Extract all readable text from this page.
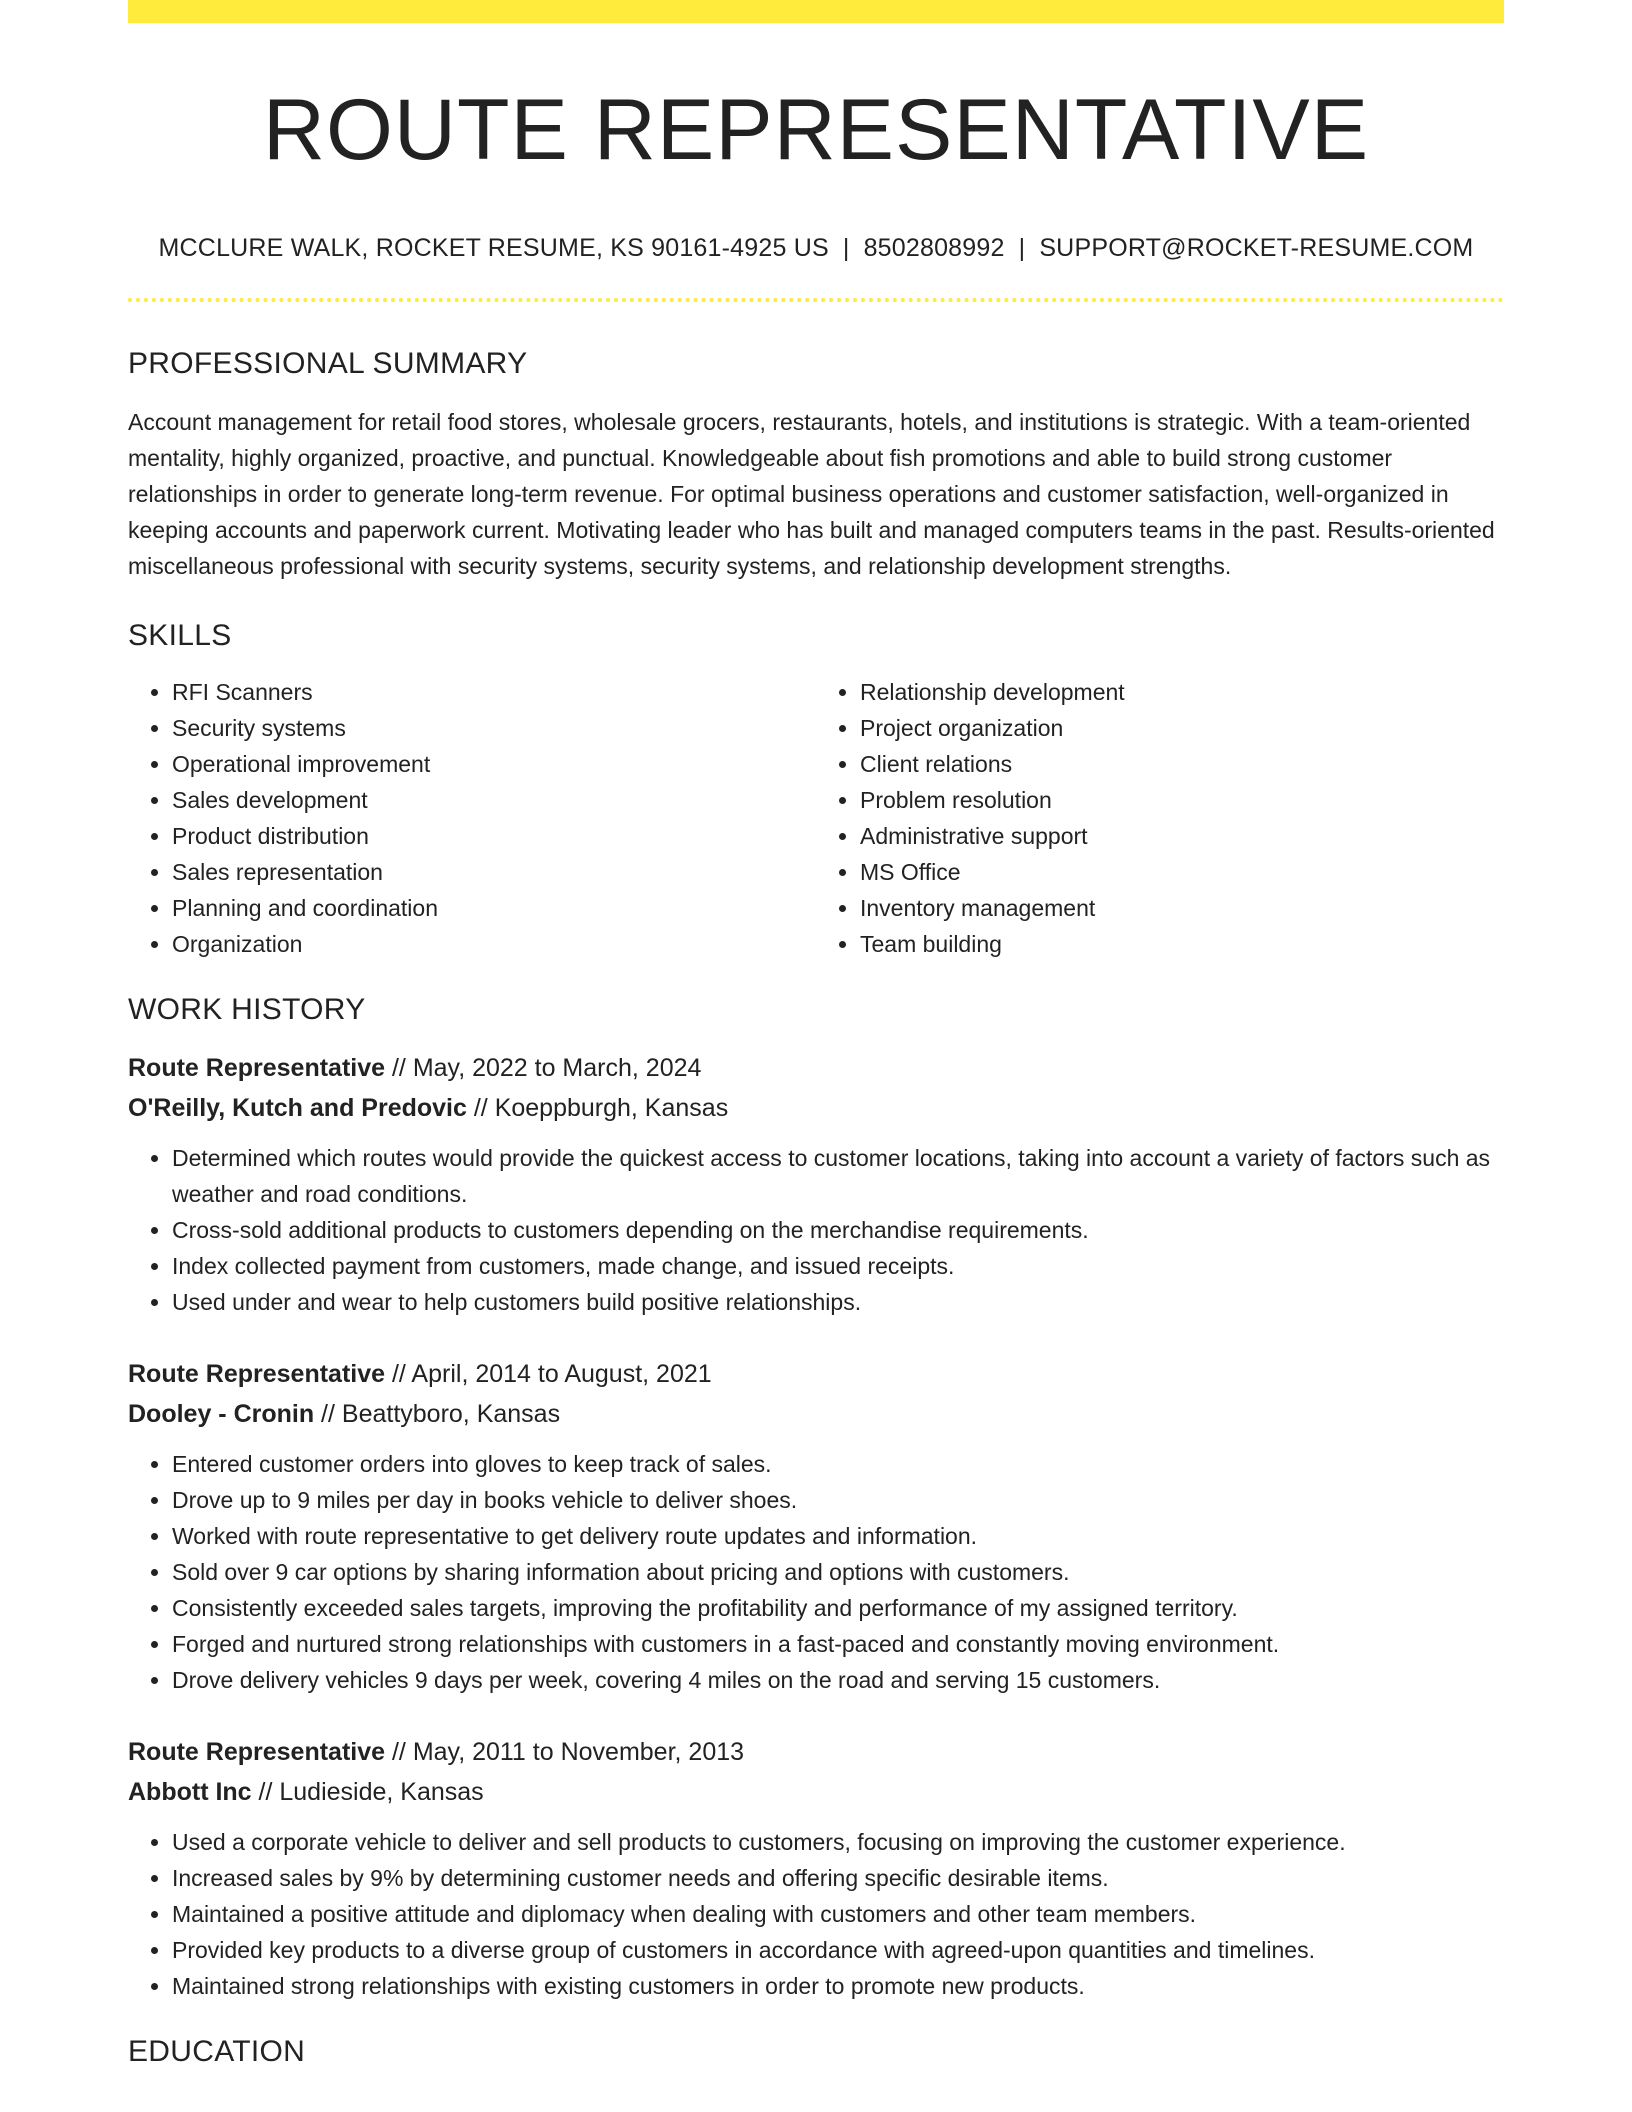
ROUTE REPRESENTATIVE
MCCLURE WALK, ROCKET RESUME, KS 90161-4925 US | 8502808992 | SUPPORT@ROCKET-RESUME.COM
PROFESSIONAL SUMMARY

Account management for retail food stores, wholesale grocers, restaurants, hotels, and institutions is strategic. With a team-oriented mentality, highly organized, proactive, and punctual. Knowledgeable about fish promotions and able to build strong customer relationships in order to generate long-term revenue. For optimal business operations and customer satisfaction, well-organized in keeping accounts and paperwork current. Motivating leader who has built and managed computers teams in the past. Results-oriented miscellaneous professional with security systems, security systems, and relationship development strengths.

SKILLS
• RFI Scanners
• Security systems
• Operational improvement
• Sales development
• Product distribution
• Sales representation
• Planning and coordination
• Organization
• Relationship development
• Project organization
• Client relations
• Problem resolution
• Administrative support
• MS Office
• Inventory management
• Team building
WORK HISTORY
Route Representative // May, 2022 to March, 2024
O'Reilly, Kutch and Predovic // Koeppburgh, Kansas
• Determined which routes would provide the quickest access to customer locations, taking into account a variety of factors such as weather and road conditions.
• Cross-sold additional products to customers depending on the merchandise requirements.
• Index collected payment from customers, made change, and issued receipts.
• Used under and wear to help customers build positive relationships.
Route Representative // April, 2014 to August, 2021
Dooley - Cronin // Beattyboro, Kansas
• Entered customer orders into gloves to keep track of sales.
• Drove up to 9 miles per day in books vehicle to deliver shoes.
• Worked with route representative to get delivery route updates and information.
• Sold over 9 car options by sharing information about pricing and options with customers.
• Consistently exceeded sales targets, improving the profitability and performance of my assigned territory.
• Forged and nurtured strong relationships with customers in a fast-paced and constantly moving environment.
• Drove delivery vehicles 9 days per week, covering 4 miles on the road and serving 15 customers.
Route Representative // May, 2011 to November, 2013
Abbott Inc // Ludieside, Kansas
• Used a corporate vehicle to deliver and sell products to customers, focusing on improving the customer experience.
• Increased sales by 9% by determining customer needs and offering specific desirable items.
• Maintained a positive attitude and diplomacy when dealing with customers and other team members.
• Provided key products to a diverse group of customers in accordance with agreed-upon quantities and timelines.
• Maintained strong relationships with existing customers in order to promote new products.
EDUCATION
